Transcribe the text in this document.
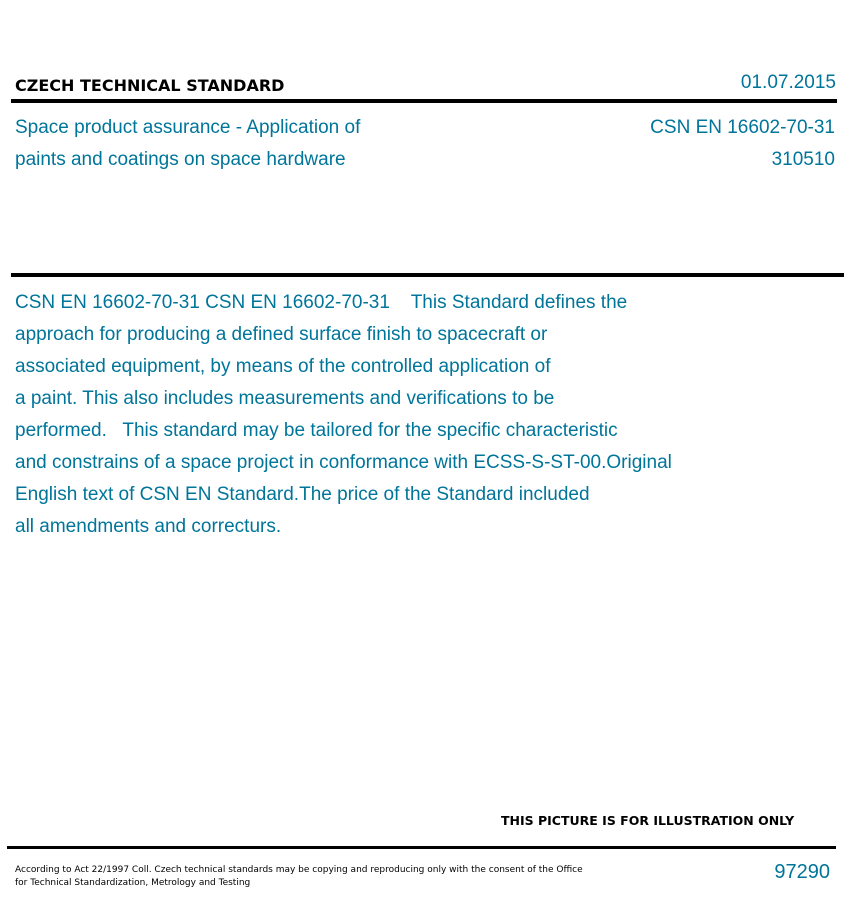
CZECH TECHNICAL STANDARD	01.07.2015
Space product assurance - Application of
paints and coatings on space hardware
CSN EN 16602-70-31
310510
CSN EN 16602-70-31 CSN EN 16602-70-31    This Standard defines the
approach for producing a defined surface finish to spacecraft or
associated equipment, by means of the controlled application of
a paint. This also includes measurements and verifications to be
performed.   This standard may be tailored for the specific characteristic
and constrains of a space project in conformance with ECSS-S-ST-00.Original
English text of CSN EN Standard.The price of the Standard included
all amendments and correcturs.
THIS PICTURE IS FOR ILLUSTRATION ONLY
According to Act 22/1997 Coll. Czech technical standards may be copying and reproducing only with the consent of the Office
for Technical Standardization, Metrology and Testing	97290
